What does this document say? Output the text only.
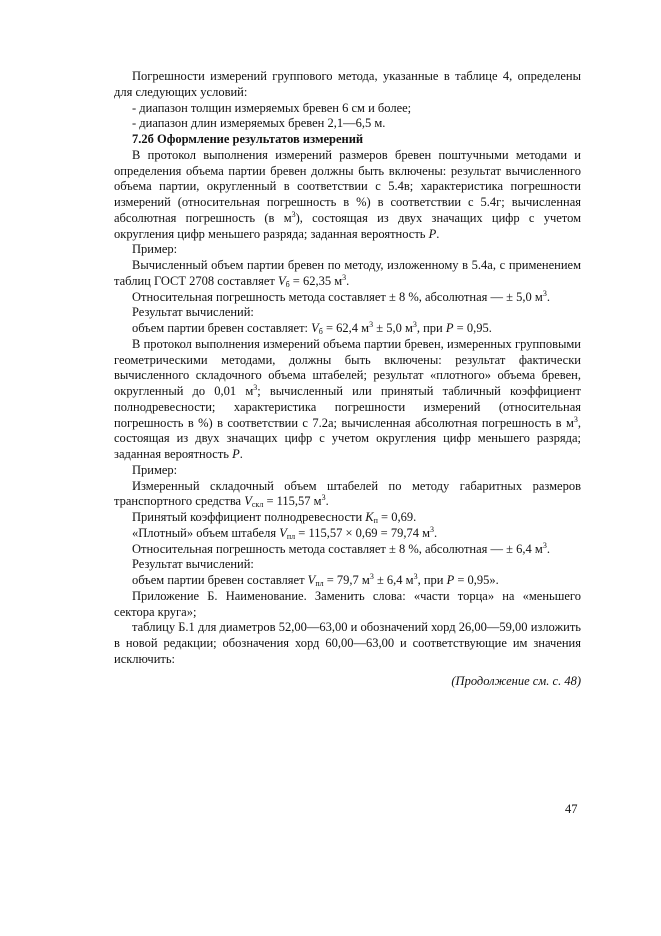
Погрешности измерений группового метода, указанные в таблице 4, определены для следующих условий:

- диапазон толщин измеряемых бревен 6 см и более;

- диапазон длин измеряемых бревен 2,1—6,5 м.

7.2б Оформление результатов измерений

В протокол выполнения измерений размеров бревен поштучными методами и определения объема партии бревен должны быть включены: результат вычисленного объема партии, округленный в соответствии с 5.4в; характеристика погрешности измерений (относительная погрешность в %) в соответствии с 5.4г; вычисленная абсолютная погрешность (в $м^3$), состоящая из двух значащих цифр с учетом округления цифр меньшего разряда; заданная вероятность Р.

Пример:

Вычисленный объем партии бревен по методу, изложенному в 5.4а, с применением таблиц ГОСТ 2708 составляет $V_б = 62,35$ $м^3$.

Относительная погрешность метода составляет ± 8 %, абсолютная — ± 5,0 $м^3$.

Результат вычислений:

объем партии бревен составляет: $V_б = 62,4$ $м^3 \pm 5,0$ $м^3$, при Р = 0,95.

В протокол выполнения измерений объема партии бревен, измеренных групповыми геометрическими методами, должны быть включены: результат фактически вычисленного складочного объема штабелей; результат «плотного» объема бревен, округленный до 0,01 $м^3$; вычисленный или принятый табличный коэффициент полнодревесности; характеристика погрешности измерений (относительная погрешность в %) в соответствии с 7.2а; вычисленная абсолютная погрешность в $м^3$, состоящая из двух значащих цифр с учетом округления цифр меньшего разряда; заданная вероятность Р.

Пример:

Измеренный складочный объем штабелей по методу габаритных размеров транспортного средства $V_{скл} = 115,57$ $м^3$.

Принятый коэффициент полнодревесности $К_п = 0,69$.

«Плотный» объем штабеля $V_{пл} = 115,57 \times 0,69 = 79,74$ $м^3$.

Относительная погрешность метода составляет ± 8 %, абсолютная — ± 6,4 $м^3$.

Результат вычислений:

объем партии бревен составляет $V_{пл} = 79,7$ $м^3 \pm 6,4$ $м^3$, при Р = 0,95».

Приложение Б. Наименование. Заменить слова: «части торца» на «меньшего сектора круга»;

таблицу Б.1 для диаметров 52,00—63,00 и обозначений хорд 26,00—59,00 изложить в новой редакции; обозначения хорд 60,00—63,00 и соответствующие им значения исключить:

(Продолжение см. с. 48)

47
